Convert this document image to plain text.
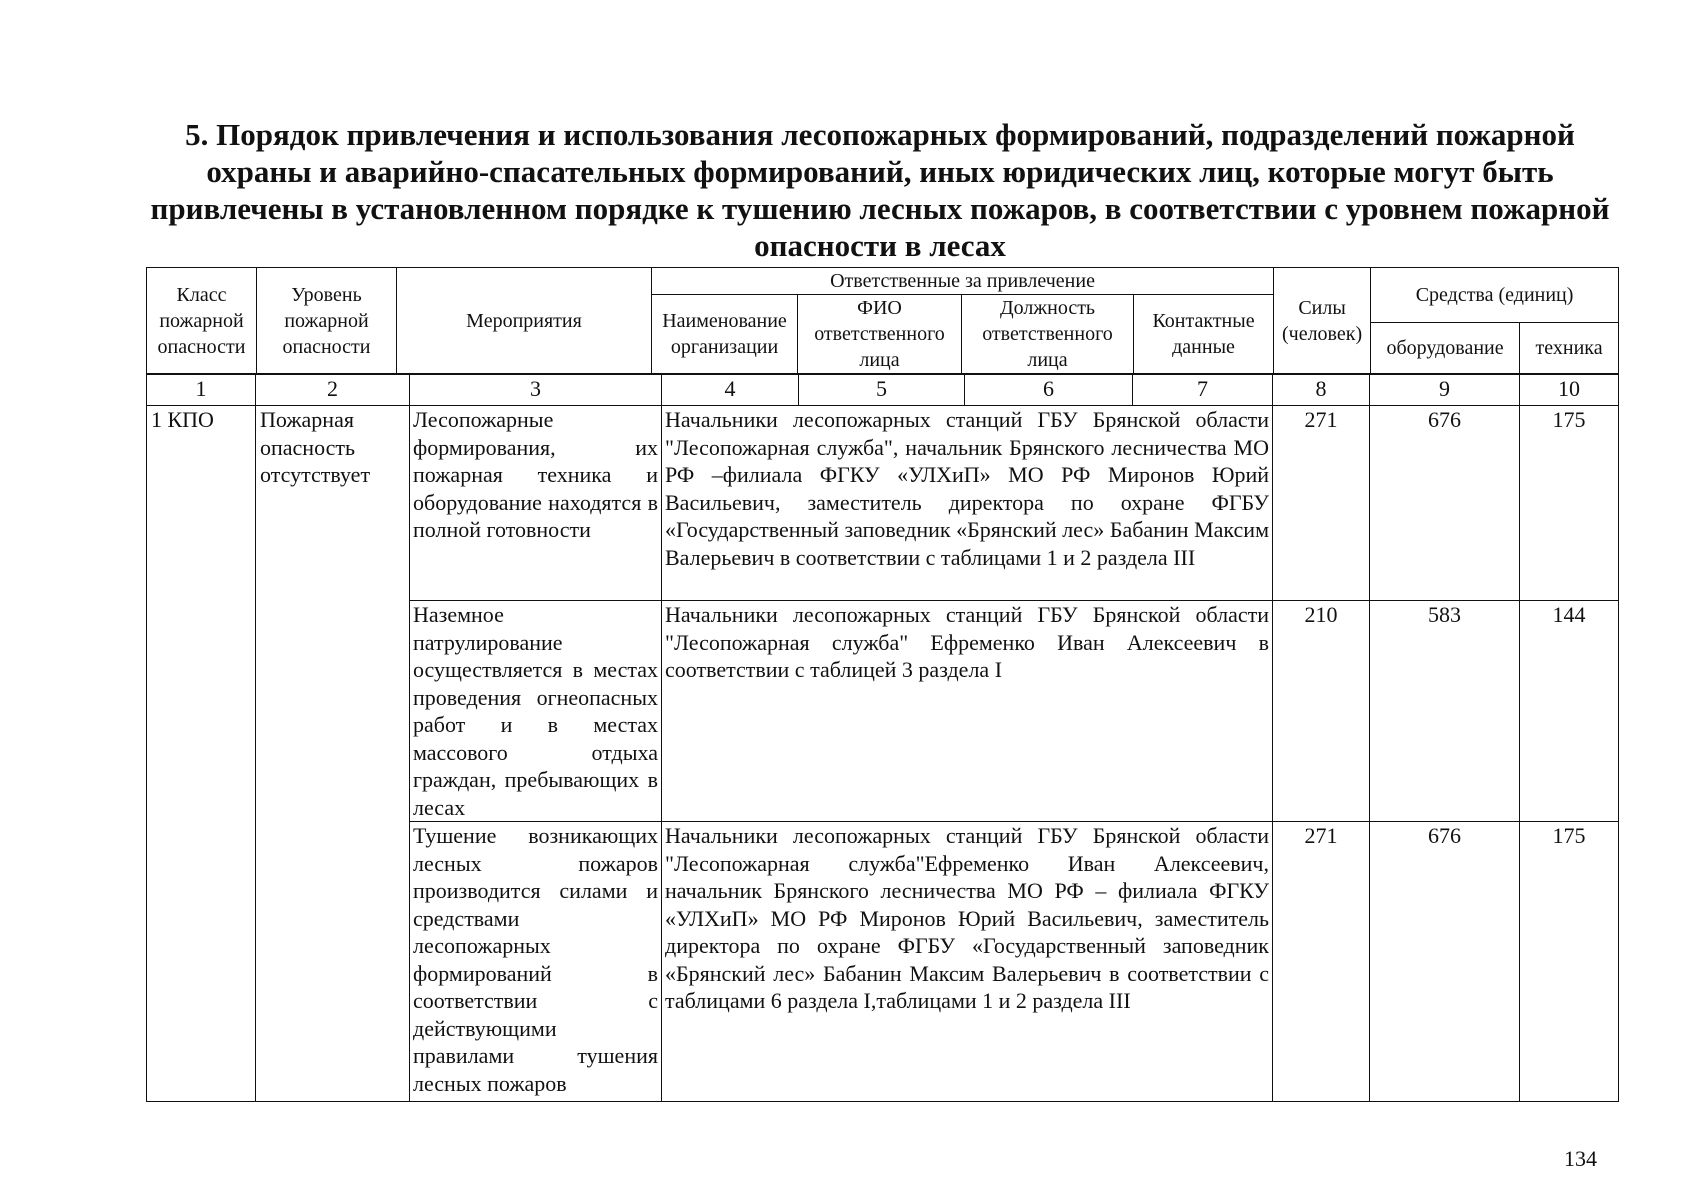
5. Порядок привлечения и использования лесопожарных формирований, подразделений пожарной охраны и аварийно-спасательных формирований, иных юридических лиц, которые могут быть привлечены в установленном порядке к тушению лесных пожаров, в соответствии с уровнем пожарной опасности в лесах
Класс пожарной опасности	Уровень пожарной опасности	Мероприятия	Ответственные за привлечение				Силы (человек)	Средства (единиц)	
			Наименование организации	ФИО ответственного лица	Должность ответственного лица	Контактные данные			
								оборудование	техника
1	2	3	4	5	6	7	8	9	10
1 КПО	Пожарная опасность отсутствует	Лесопожарные формирования, их пожарная техника и оборудование находятся в полной готовности	Начальники лесопожарных станций ГБУ Брянской области "Лесопожарная служба", начальник Брянского лесничества МО РФ –филиала ФГКУ «УЛХиП» МО РФ Миронов Юрий Васильевич, заместитель директора по охране ФГБУ «Государственный заповедник «Брянский лес» Бабанин Максим Валерьевич в соответствии с таблицами 1 и 2 раздела III				271	676	175
		Наземное патрулирование осуществляется в местах проведения огнеопасных работ и в местах массового отдыха граждан, пребывающих в лесах	Начальники лесопожарных станций ГБУ Брянской области "Лесопожарная служба" Ефременко Иван Алексеевич в соответствии с таблицей 3 раздела I				210	583	144
		Тушение возникающих лесных пожаров производится силами и средствами лесопожарных формирований в соответствии с действующими правилами тушения лесных пожаров	Начальники лесопожарных станций ГБУ Брянской области "Лесопожарная служба"Ефременко Иван Алексеевич, начальник Брянского лесничества МО РФ – филиала ФГКУ «УЛХиП» МО РФ Миронов Юрий Васильевич, заместитель директора по охране ФГБУ «Государственный заповедник «Брянский лес» Бабанин Максим Валерьевич в соответствии с таблицами 6 раздела I,таблицами 1 и 2 раздела III				271	676	175
134
